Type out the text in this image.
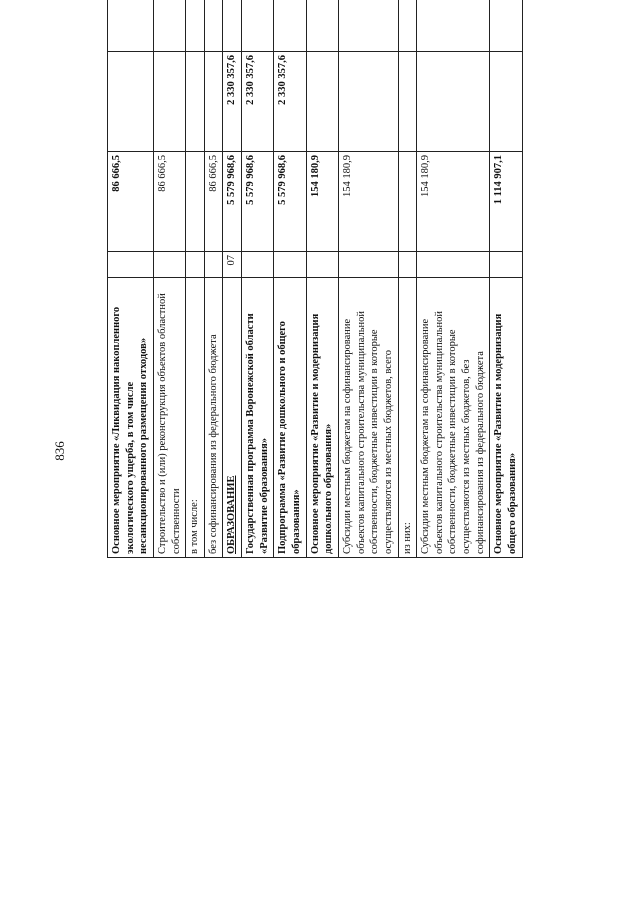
836	Основное мероприятие «Ликвидация накопленного экологического ущерба, в том числе несанкционированного размещения отходов»		86 666,5				
Строительство и (или) реконструкция объектов областной собственности		86 666,5				
в том числе:						
без софинансирования из федерального бюджета		86 666,5				
ОБРАЗОВАНИЕ	07	5 579 968,6	2 330 357,6			
Государственная программа Воронежской области «Развитие образования»		5 579 968,6	2 330 357,6			
Подпрограмма «Развитие дошкольного и общего образования»		5 579 968,6	2 330 357,6			
Основное мероприятие «Развитие и модернизация дошкольного образования»		154 180,9				
Субсидии местным бюджетам на софинансирование объектов капитального строительства муниципальной собственности, бюджетные инвестиции в которые осуществляются из местных бюджетов, всего		154 180,9				
из них:						
Субсидии местным бюджетам на софинансирование объектов капитального строительства муниципальной собственности, бюджетные инвестиции в которые осуществляются из местных бюджетов, без софинансирования из федерального бюджета		154 180,9				
Основное мероприятие «Развитие и модернизация общего образования»		1 114 907,1				
